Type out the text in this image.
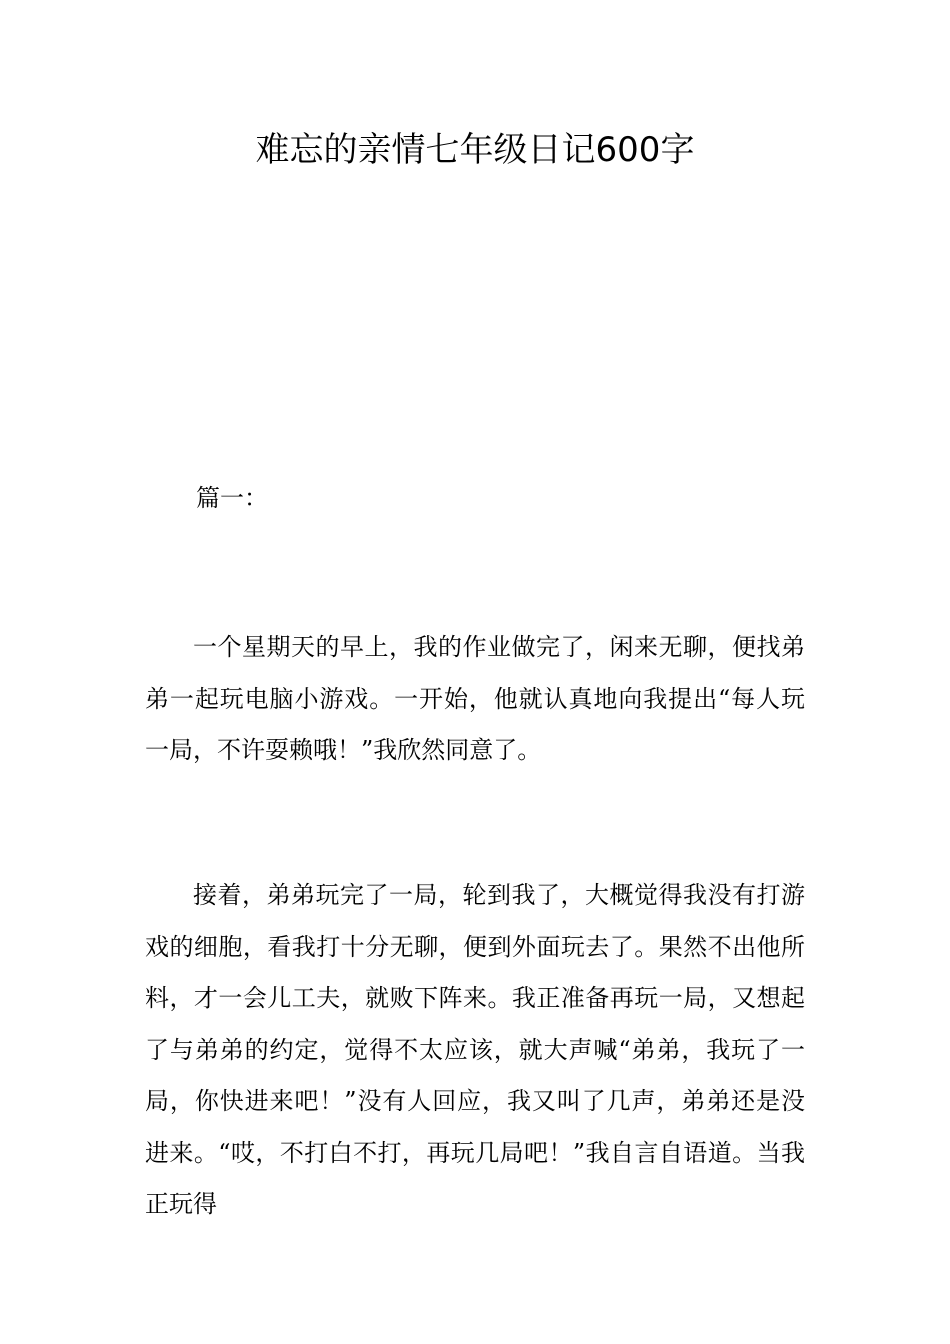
难忘的亲情七年级日记600字
篇一：

一个星期天的早上，我的作业做完了，闲来无聊，便找弟弟一起玩电脑小游戏。一开始，他就认真地向我提出“每人玩一局，不许耍赖哦！”我欣然同意了。

接着，弟弟玩完了一局，轮到我了，大概觉得我没有打游戏的细胞，看我打十分无聊，便到外面玩去了。果然不出他所料，才一会儿工夫，就败下阵来。我正准备再玩一局，又想起了与弟弟的约定，觉得不太应该，就大声喊“弟弟，我玩了一局，你快进来吧！”没有人回应，我又叫了几声，弟弟还是没进来。“哎，不打白不打，再玩几局吧！”我自言自语道。当我正玩得
